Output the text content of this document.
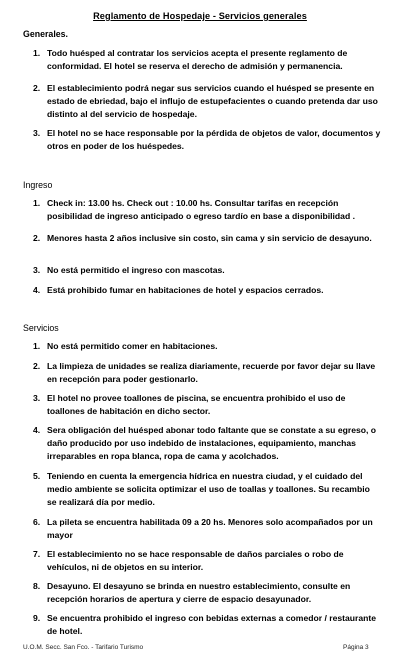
Reglamento de Hospedaje - Servicios generales
Generales.
1. Todo huésped al contratar los servicios acepta el presente reglamento de conformidad. El hotel se reserva el derecho de admisión y permanencia.
2. El establecimiento podrá negar sus servicios cuando el huésped se presente en estado de ebriedad, bajo el influjo de estupefacientes o cuando pretenda dar uso distinto al del servicio de hospedaje.
3. El hotel no se hace responsable por la pérdida de objetos de valor, documentos y otros en poder de los huéspedes.
Ingreso
1. Check in: 13.00 hs. Check out : 10.00 hs. Consultar tarifas en recepción posibilidad de ingreso anticipado o egreso tardío en base a disponibilidad .
2. Menores hasta 2 años inclusive sin costo, sin cama y sin servicio de desayuno.
3. No está permitido el ingreso con mascotas.
4. Está prohibido fumar en habitaciones de hotel y espacios cerrados.
Servicios
1. No está permitido comer en habitaciones.
2. La limpieza de unidades se realiza diariamente, recuerde por favor dejar su llave en recepción para poder gestionarlo.
3. El hotel no provee toallones de piscina, se encuentra prohibido el uso de toallones de habitación en dicho sector.
4. Sera obligación del huésped abonar todo faltante que se constate a su egreso, o daño producido por uso indebido de instalaciones, equipamiento, manchas irreparables en ropa blanca, ropa de cama y acolchados.
5. Teniendo en cuenta la emergencia hídrica en nuestra ciudad, y el cuidado del medio ambiente se solicita optimizar el uso de toallas y toallones. Su recambio se realizará día por medio.
6. La pileta se encuentra habilitada 09 a 20 hs. Menores solo acompañados por un mayor
7. El establecimiento no se hace responsable de daños parciales o robo de vehículos, ni de objetos en su interior.
8. Desayuno. El desayuno se brinda en nuestro establecimiento, consulte en recepción horarios de apertura y cierre de espacio desayunador.
9. Se encuentra prohibido el ingreso con bebidas externas a comedor / restaurante de hotel.
U.O.M. Secc. San Fco. - Tarifario Turismo	Página 3
